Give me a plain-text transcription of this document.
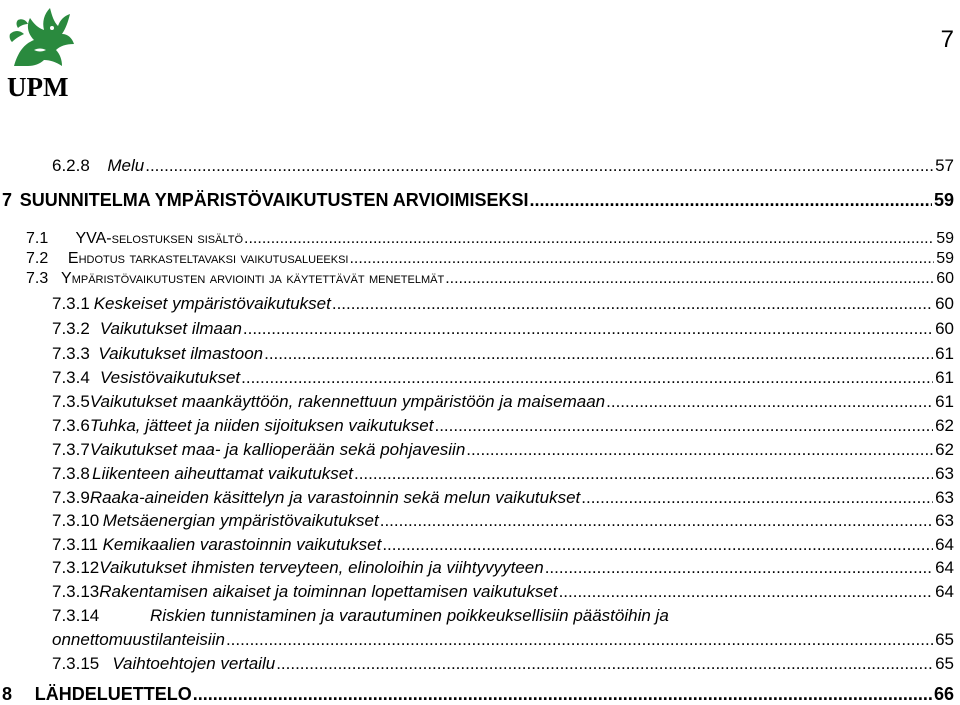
UPM
7
6.2.8	Melu .....	57
7 SUUNNITELMA YMPÄRISTÖVAIKUTUSTEN ARVIOIMISEKSI .....	59
7.1	YVA-selostuksen sisältö .....	59
7.2	Ehdotus tarkasteltavaksi vaikutusalueeksi .....	59
7.3 Ympäristövaikutusten arviointi ja käytettävät menetelmät .....	60
7.3.1 Keskeiset ympäristövaikutukset .....	60
7.3.2 Vaikutukset ilmaan .....	60
7.3.3 Vaikutukset ilmastoon .....	61
7.3.4 Vesistövaikutukset .....	61
7.3.5 Vaikutukset maankäyttöön, rakennettuun ympäristöön ja maisemaan .....	61
7.3.6 Tuhka, jätteet ja niiden sijoituksen vaikutukset .....	62
7.3.7 Vaikutukset maa- ja kallioperään sekä pohjavesiin .....	62
7.3.8 Liikenteen aiheuttamat vaikutukset .....	63
7.3.9 Raaka-aineiden käsittelyn ja varastoinnin sekä melun vaikutukset .....	63
7.3.10 Metsäenergian ympäristövaikutukset .....	63
7.3.11 Kemikaalien varastoinnin vaikutukset .....	64
7.3.12 Vaikutukset ihmisten terveyteen, elinoloihin ja viihtyvyyteen .....	64
7.3.13 Rakentamisen aikaiset ja toiminnan lopettamisen vaikutukset .....	64
7.3.14	Riskien tunnistaminen ja varautuminen poikkeuksellisiin päästöihin ja
onnettomuustilanteisiin .....	65
7.3.15 Vaihtoehtojen vertailu .....	65
8	LÄHDELUETTELO .....	66
